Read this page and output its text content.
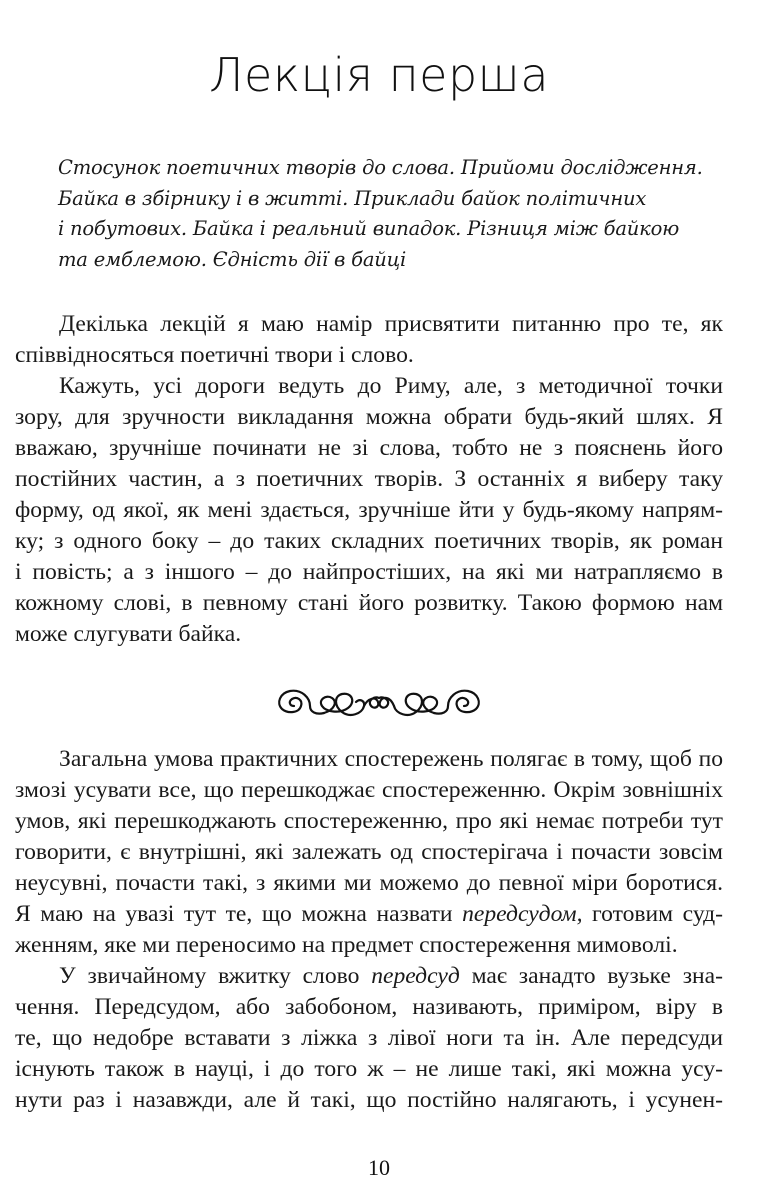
Лекція перша
Стосунок поетичних творів до слова. Прийоми дослідження.
Байка в збірнику і в житті. Приклади байок політичних
і побутових. Байка і реальний випадок. Різниця між байкою
та емблемою. Єдність дії в байці
Декілька лекцій я маю намір присвятити питанню про те, як
співвідносяться поетичні твори і слово.
Кажуть, усі дороги ведуть до Риму, але, з методичної точки
зору, для зручности викладання можна обрати будь-який шлях. Я
вважаю, зручніше починати не зі слова, тобто не з пояснень його
постійних частин, а з поетичних творів. З останніх я виберу таку
форму, од якої, як мені здається, зручніше йти у будь-якому напрям-
ку; з одного боку – до таких складних поетичних творів, як роман
і повість; а з іншого – до найпростіших, на які ми натрапляємо в
кожному слові, в певному стані його розвитку. Такою формою нам
може слугувати байка.
Загальна умова практичних спостережень полягає в тому, щоб по
змозі усувати все, що перешкоджає спостереженню. Окрім зовнішніх
умов, які перешкоджають спостереженню, про які немає потреби тут
говорити, є внутрішні, які залежать од спостерігача і почасти зовсім
неусувні, почасти такі, з якими ми можемо до певної міри боротися.
Я маю на увазі тут те, що можна назвати передсудом, готовим суд-
женням, яке ми переносимо на предмет спостереження мимоволі.
У звичайному вжитку слово передсуд має занадто вузьке зна-
чення. Передсудом, або забобоном, називають, приміром, віру в
те, що недобре вставати з ліжка з лівої ноги та ін. Але передсуди
існують також в науці, і до того ж – не лише такі, які можна усу-
нути раз і назавжди, але й такі, що постійно налягають, і усунен-
10
